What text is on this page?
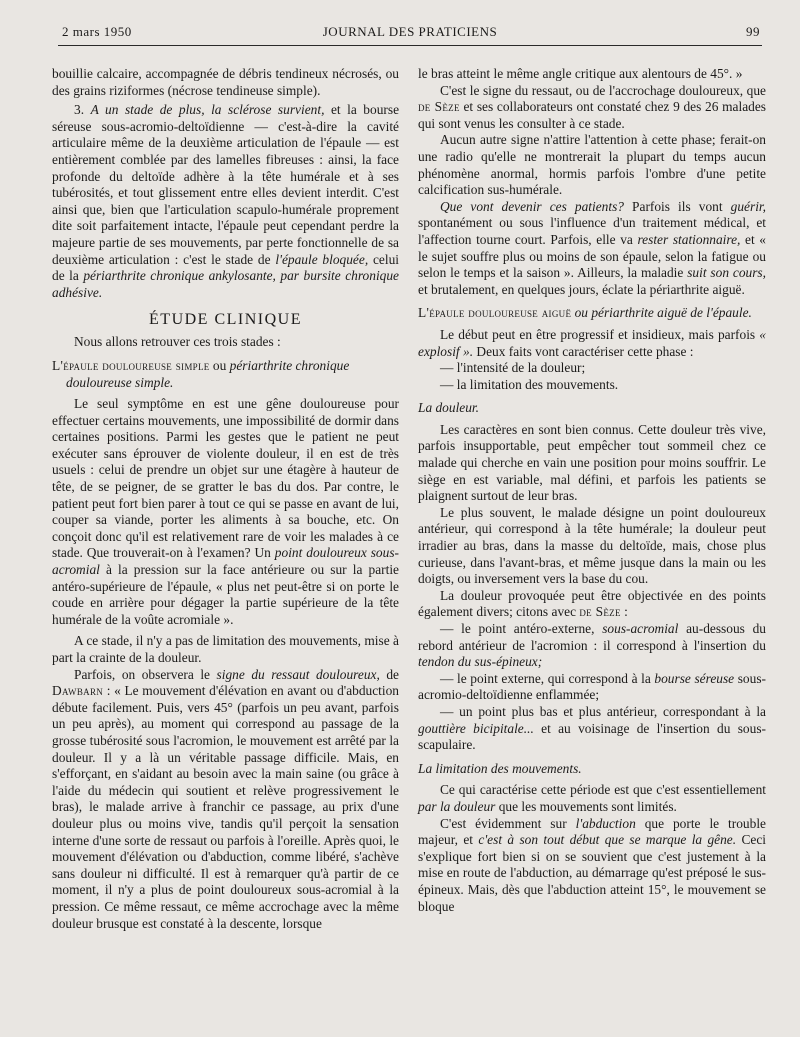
2 mars 1950	JOURNAL DES PRATICIENS	99

bouillie calcaire, accompagnée de débris tendineux nécrosés, ou des grains riziformes (nécrose tendineuse simple).

3. A un stade de plus, la sclérose survient, et la bourse séreuse sous-acromio-deltoïdienne — c'est-à-dire la cavité articulaire même de la deuxième articulation de l'épaule — est entièrement comblée par des lamelles fibreuses : ainsi, la face profonde du deltoïde adhère à la tête humérale et à ses tubérosités, et tout glissement entre elles devient interdit. C'est ainsi que, bien que l'articulation scapulo-humérale proprement dite soit parfaitement intacte, l'épaule peut cependant perdre la majeure partie de ses mouvements, par perte fonctionnelle de sa deuxième articulation : c'est le stade de l'épaule bloquée, celui de la périarthrite chronique ankylosante, par bursite chronique adhésive.

ÉTUDE CLINIQUE

Nous allons retrouver ces trois stades :

L'épaule douloureuse simple ou périarthrite chronique douloureuse simple.

Le seul symptôme en est une gêne douloureuse pour effectuer certains mouvements, une impossibilité de dormir dans certaines positions. Parmi les gestes que le patient ne peut exécuter sans éprouver de violente douleur, il en est de très usuels : celui de prendre un objet sur une étagère à hauteur de tête, de se peigner, de se gratter le bas du dos. Par contre, le patient peut fort bien parer à tout ce qui se passe en avant de lui, couper sa viande, porter les aliments à sa bouche, etc. On conçoit donc qu'il est relativement rare de voir les malades à ce stade. Que trouverait-on à l'examen? Un point douloureux sous-acromial à la pression sur la face antérieure ou sur la partie antéro-supérieure de l'épaule, « plus net peut-être si on porte le coude en arrière pour dégager la partie supérieure de la tête humérale de la voûte acromiale ».

A ce stade, il n'y a pas de limitation des mouvements, mise à part la crainte de la douleur.

Parfois, on observera le signe du ressaut douloureux, de Dawbarn : « Le mouvement d'élévation en avant ou d'abduction débute facilement. Puis, vers 45° (parfois un peu avant, parfois un peu après), au moment qui correspond au passage de la grosse tubérosité sous l'acromion, le mouvement est arrêté par la douleur. Il y a là un véritable passage difficile. Mais, en s'efforçant, en s'aidant au besoin avec la main saine (ou grâce à l'aide du médecin qui soutient et relève progressivement le bras), le malade arrive à franchir ce passage, au prix d'une douleur plus ou moins vive, tandis qu'il perçoit la sensation interne d'une sorte de ressaut ou parfois à l'oreille. Après quoi, le mouvement d'élévation ou d'abduction, comme libéré, s'achève sans douleur ni difficulté. Il est à remarquer qu'à partir de ce moment, il n'y a plus de point douloureux sous-acromial à la pression. Ce même ressaut, ce même accrochage avec la même douleur brusque est constaté à la descente, lorsque

le bras atteint le même angle critique aux alentours de 45°. »

C'est le signe du ressaut, ou de l'accrochage douloureux, que de Sèze et ses collaborateurs ont constaté chez 9 des 26 malades qui sont venus les consulter à ce stade.

Aucun autre signe n'attire l'attention à cette phase; ferait-on une radio qu'elle ne montrerait la plupart du temps aucun phénomène anormal, hormis parfois l'ombre d'une petite calcification sus-humérale.

Que vont devenir ces patients? Parfois ils vont guérir, spontanément ou sous l'influence d'un traitement médical, et l'affection tourne court. Parfois, elle va rester stationnaire, et « le sujet souffre plus ou moins de son épaule, selon la fatigue ou selon le temps et la saison ». Ailleurs, la maladie suit son cours, et brutalement, en quelques jours, éclate la périarthrite aiguë.

L'épaule douloureuse aiguë ou périarthrite aiguë de l'épaule.

Le début peut en être progressif et insidieux, mais parfois « explosif ». Deux faits vont caractériser cette phase :

— l'intensité de la douleur;

— la limitation des mouvements.

La douleur.

Les caractères en sont bien connus. Cette douleur très vive, parfois insupportable, peut empêcher tout sommeil chez ce malade qui cherche en vain une position pour moins souffrir. Le siège en est variable, mal défini, et parfois les patients se plaignent surtout de leur bras.

Le plus souvent, le malade désigne un point douloureux antérieur, qui correspond à la tête humérale; la douleur peut irradier au bras, dans la masse du deltoïde, mais, chose plus curieuse, dans l'avant-bras, et même jusque dans la main ou les doigts, ou inversement vers la base du cou.

La douleur provoquée peut être objectivée en des points également divers; citons avec de Sèze :

— le point antéro-externe, sous-acromial au-dessous du rebord antérieur de l'acromion : il correspond à l'insertion du tendon du sus-épineux;

— le point externe, qui correspond à la bourse séreuse sous-acromio-deltoïdienne enflammée;

— un point plus bas et plus antérieur, correspondant à la gouttière bicipitale... et au voisinage de l'insertion du sous-scapulaire.

La limitation des mouvements.

Ce qui caractérise cette période est que c'est essentiellement par la douleur que les mouvements sont limités.

C'est évidemment sur l'abduction que porte le trouble majeur, et c'est à son tout début que se marque la gêne. Ceci s'explique fort bien si on se souvient que c'est justement à la mise en route de l'abduction, au démarrage qu'est préposé le sus-épineux. Mais, dès que l'abduction atteint 15°, le mouvement se bloque
